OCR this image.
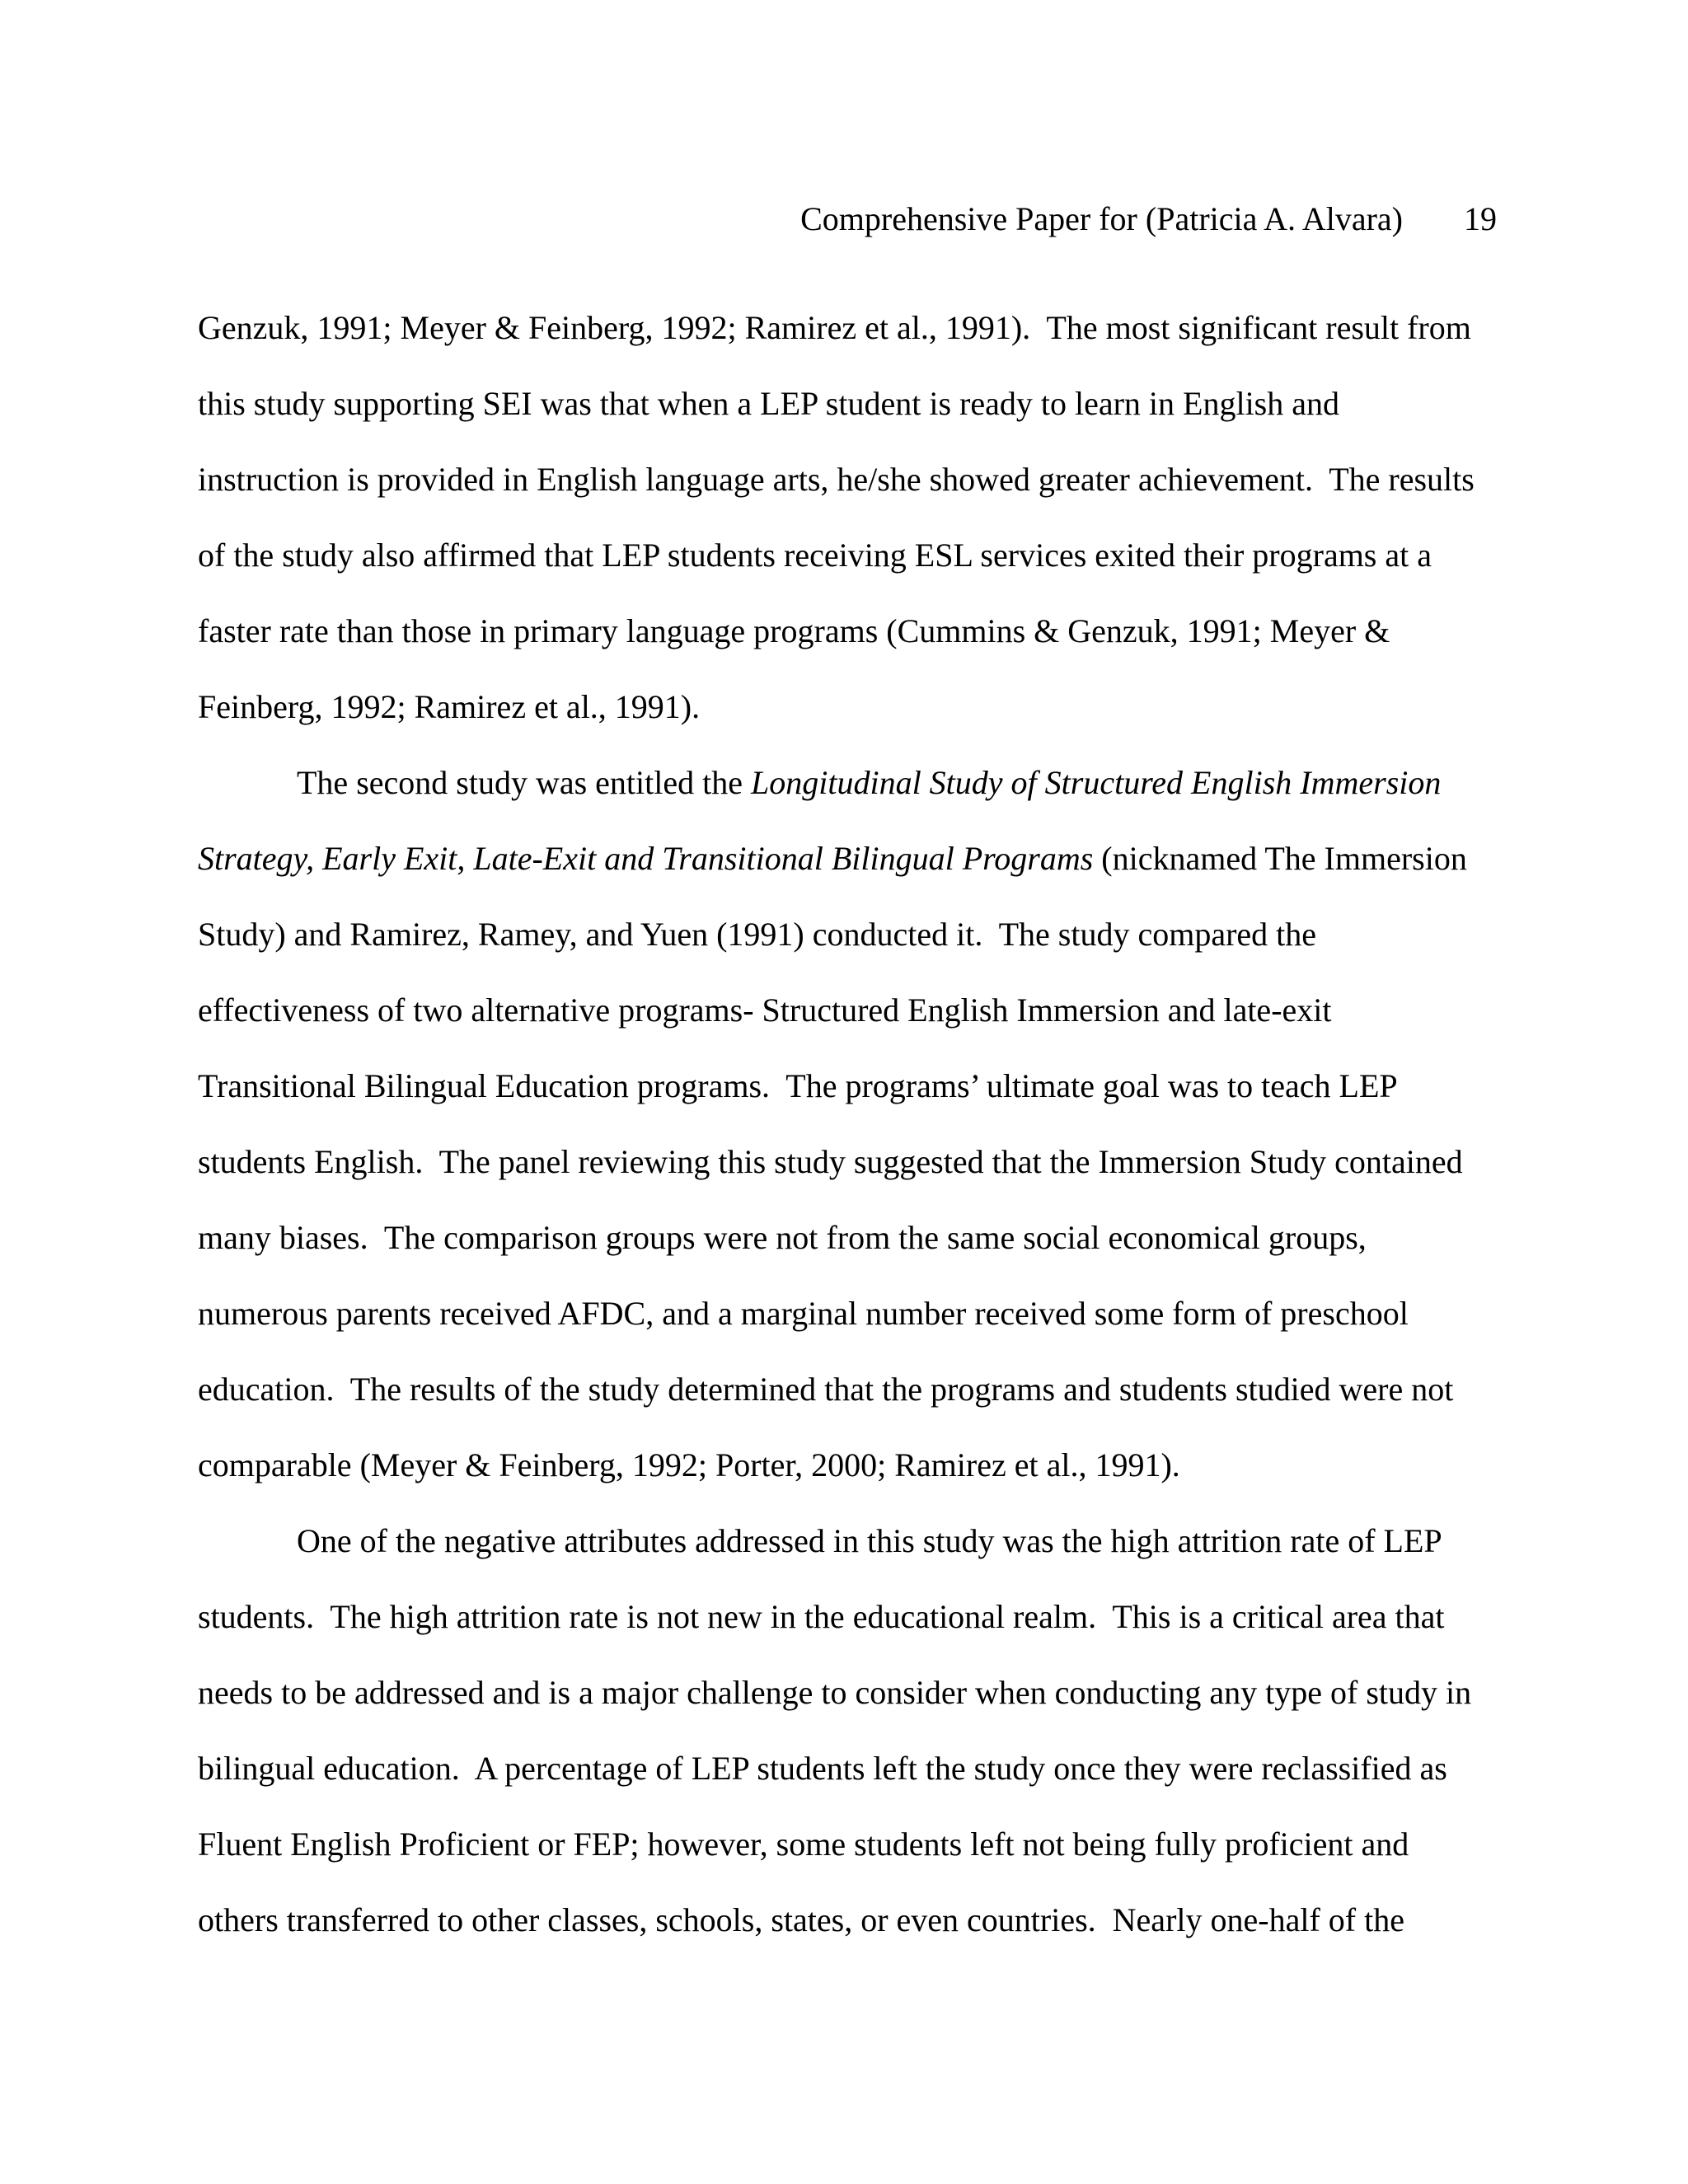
Comprehensive Paper for (Patricia A. Alvara) 19
Genzuk, 1991; Meyer & Feinberg, 1992; Ramirez et al., 1991).  The most significant result from
this study supporting SEI was that when a LEP student is ready to learn in English and
instruction is provided in English language arts, he/she showed greater achievement.  The results
of the study also affirmed that LEP students receiving ESL services exited their programs at a
faster rate than those in primary language programs (Cummins & Genzuk, 1991; Meyer &
Feinberg, 1992; Ramirez et al., 1991).
The second study was entitled the Longitudinal Study of Structured English Immersion
Strategy, Early Exit, Late-Exit and Transitional Bilingual Programs (nicknamed The Immersion
Study) and Ramirez, Ramey, and Yuen (1991) conducted it.  The study compared the
effectiveness of two alternative programs- Structured English Immersion and late-exit
Transitional Bilingual Education programs.  The programs’ ultimate goal was to teach LEP
students English.  The panel reviewing this study suggested that the Immersion Study contained
many biases.  The comparison groups were not from the same social economical groups,
numerous parents received AFDC, and a marginal number received some form of preschool
education.  The results of the study determined that the programs and students studied were not
comparable (Meyer & Feinberg, 1992; Porter, 2000; Ramirez et al., 1991).
One of the negative attributes addressed in this study was the high attrition rate of LEP
students.  The high attrition rate is not new in the educational realm.  This is a critical area that
needs to be addressed and is a major challenge to consider when conducting any type of study in
bilingual education.  A percentage of LEP students left the study once they were reclassified as
Fluent English Proficient or FEP; however, some students left not being fully proficient and
others transferred to other classes, schools, states, or even countries.  Nearly one-half of the
